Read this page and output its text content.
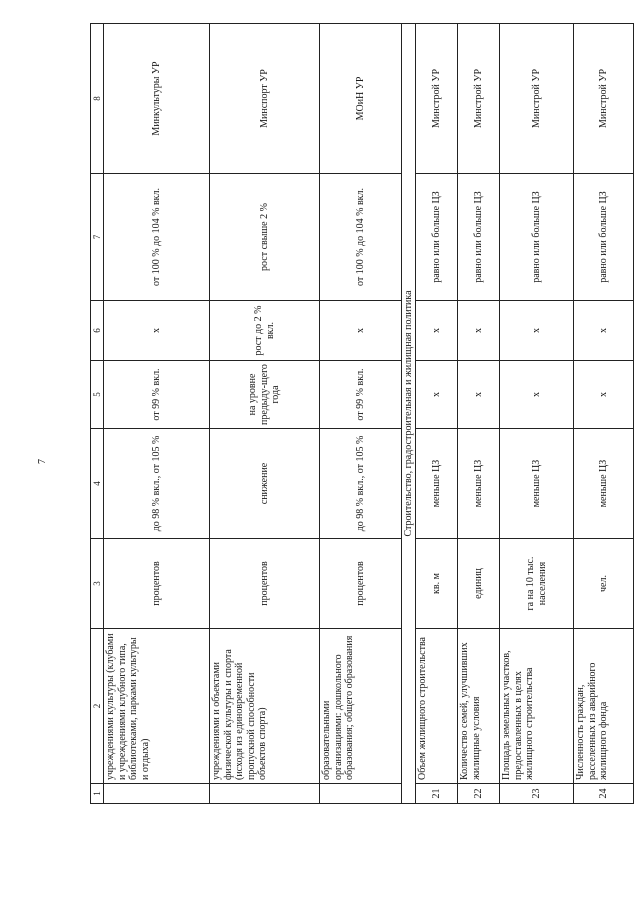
7
1	2	3	4	5	6	7	8
	учреждениями культуры (клубами и учреждениями клубного типа, библиотеками, парками культуры и отдыха)	процентов	до 98 % вкл., от 105 %	от 99 % вкл.	x	от 100 % до 104 % вкл.	Минкультуры УР
	учреждениями и объектами физической культуры и спорта (исходя из единовременной пропускной способности объектов спорта)	процентов	снижение	на уровне предыду-щего года	рост до 2 % вкл.	рост свыше 2 %	Минспорт УР
	образовательными организациями: дошкольного образования; общего образования	процентов	до 98 % вкл., от 105 %	от 99 % вкл.	x	от 100 % до 104 % вкл.	МОиН УР
Строительство, градостроительная и жилищная политика							
21	Объем жилищного строительства	кв. м	меньше ЦЗ	x	x	равно или больше ЦЗ	Минстрой УР
22	Количество семей, улучшивших жилищные условия	единиц	меньше ЦЗ	x	x	равно или больше ЦЗ	Минстрой УР
23	Площадь земельных участков, предоставленных в целях жилищного строительства	га на 10 тыс. населения	меньше ЦЗ	x	x	равно или больше ЦЗ	Минстрой УР
24	Численность граждан, расселенных из аварийного жилищного фонда	чел.	меньше ЦЗ	x	x	равно или больше ЦЗ	Минстрой УР
